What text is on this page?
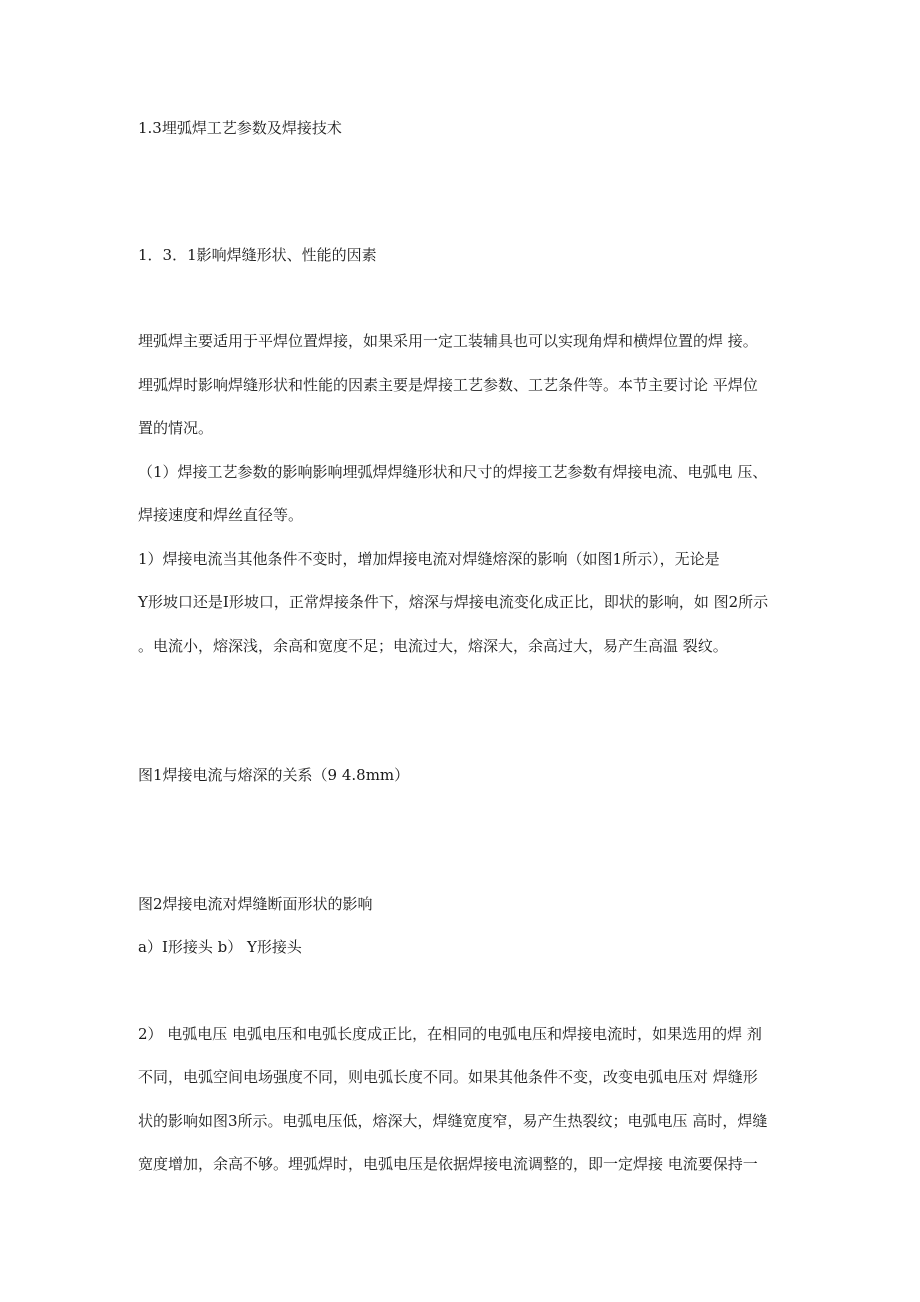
1.3埋弧焊工艺参数及焊接技术

1．3．1影响焊缝形状、性能的因素

埋弧焊主要适用于平焊位置焊接，如果采用一定工装辅具也可以实现角焊和横焊位置的焊 接。

埋弧焊时影响焊缝形状和性能的因素主要是焊接工艺参数、工艺条件等。本节主要讨论 平焊位

置的情况。

（1）焊接工艺参数的影响影响埋弧焊焊缝形状和尺寸的焊接工艺参数有焊接电流、电弧电 压、

焊接速度和焊丝直径等。

1）焊接电流当其他条件不变时，增加焊接电流对焊缝熔深的影响（如图1所示），无论是

Y形坡口还是I形坡口，正常焊接条件下，熔深与焊接电流变化成正比，即状的影响，如 图2所示

。电流小，熔深浅，余高和宽度不足；电流过大，熔深大，余高过大，易产生高温 裂纹。

图1焊接电流与熔深的关系（9 4.8mm）

图2焊接电流对焊缝断面形状的影响

a）I形接头 b） Y形接头

2） 电弧电压 电弧电压和电弧长度成正比，在相同的电弧电压和焊接电流时，如果选用的焊 剂

不同，电弧空间电场强度不同，则电弧长度不同。如果其他条件不变，改变电弧电压对 焊缝形

状的影响如图3所示。电弧电压低，熔深大，焊缝宽度窄，易产生热裂纹；电弧电压 高时，焊缝

宽度增加，余高不够。埋弧焊时，电弧电压是依据焊接电流调整的，即一定焊接 电流要保持一
